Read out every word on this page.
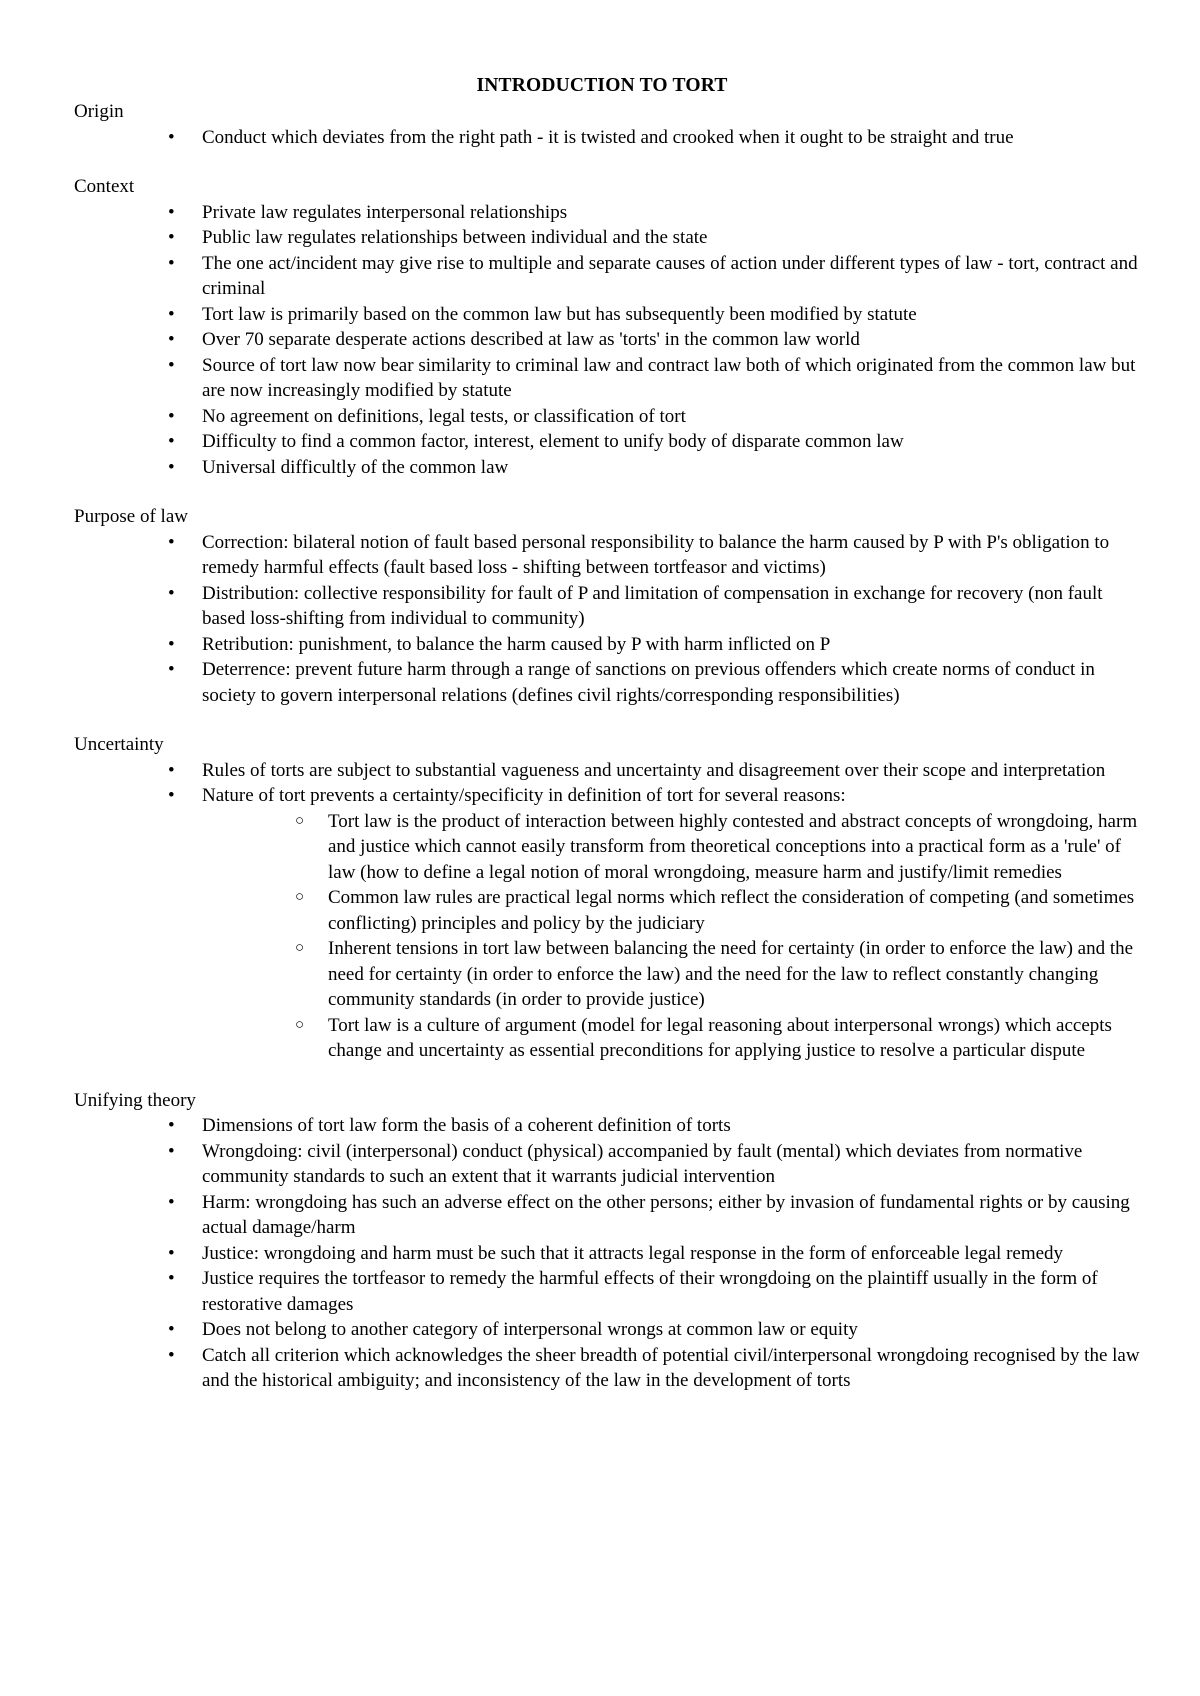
INTRODUCTION TO TORT
Origin
• Conduct which deviates from the right path - it is twisted and crooked when it ought to be straight and true
Context
• Private law regulates interpersonal relationships
• Public law regulates relationships between individual and the state
• The one act/incident may give rise to multiple and separate causes of action under different types of law - tort, contract and criminal
• Tort law is primarily based on the common law but has subsequently been modified by statute
• Over 70 separate desperate actions described at law as 'torts' in the common law world
• Source of tort law now bear similarity to criminal law and contract law both of which originated from the common law but are now increasingly modified by statute
• No agreement on definitions, legal tests, or classification of tort
• Difficulty to find a common factor, interest, element to unify body of disparate common law
• Universal difficultly of the common law
Purpose of law
• Correction: bilateral notion of fault based personal responsibility to balance the harm caused by P with P's obligation to remedy harmful effects (fault based loss - shifting between tortfeasor and victims)
• Distribution: collective responsibility for fault of P and limitation of compensation in exchange for recovery (non fault based loss-shifting from individual to community)
• Retribution: punishment, to balance the harm caused by P with harm inflicted on P
• Deterrence: prevent future harm through a range of sanctions on previous offenders which create norms of conduct in society to govern interpersonal relations (defines civil rights/corresponding responsibilities)
Uncertainty
• Rules of torts are subject to substantial vagueness and uncertainty and disagreement over their scope and interpretation
• Nature of tort prevents a certainty/specificity in definition of tort for several reasons:
○ Tort law is the product of interaction between highly contested and abstract concepts of wrongdoing, harm and justice which cannot easily transform from theoretical conceptions into a practical form as a 'rule' of law (how to define a legal notion of moral wrongdoing, measure harm and justify/limit remedies
○ Common law rules are practical legal norms which reflect the consideration of competing (and sometimes conflicting) principles and policy by the judiciary
○ Inherent tensions in tort law between balancing the need for certainty (in order to enforce the law) and the need for certainty (in order to enforce the law) and the need for the law to reflect constantly changing community standards (in order to provide justice)
○ Tort law is a culture of argument (model for legal reasoning about interpersonal wrongs) which accepts change and uncertainty as essential preconditions for applying justice to resolve a particular dispute
Unifying theory
• Dimensions of tort law form the basis of a coherent definition of torts
• Wrongdoing: civil (interpersonal) conduct (physical) accompanied by fault (mental) which deviates from normative community standards to such an extent that it warrants judicial intervention
• Harm: wrongdoing has such an adverse effect on the other persons; either by invasion of fundamental rights or by causing actual damage/harm
• Justice: wrongdoing and harm must be such that it attracts legal response in the form of enforceable legal remedy
• Justice requires the tortfeasor to remedy the harmful effects of their wrongdoing on the plaintiff usually in the form of restorative damages
• Does not belong to another category of interpersonal wrongs at common law or equity
• Catch all criterion which acknowledges the sheer breadth of potential civil/interpersonal wrongdoing recognised by the law and the historical ambiguity; and inconsistency of the law in the development of torts
